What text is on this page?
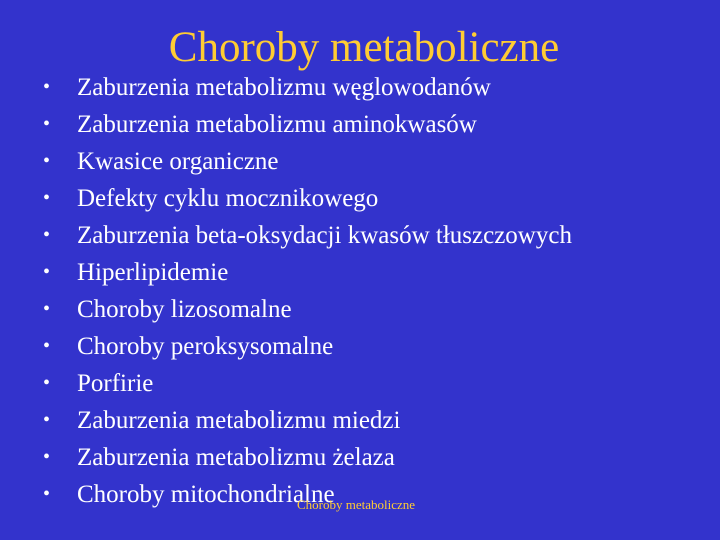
Choroby metaboliczne
• Zaburzenia metabolizmu węglowodanów
• Zaburzenia metabolizmu aminokwasów
• Kwasice organiczne
• Defekty cyklu mocznikowego
• Zaburzenia beta-oksydacji kwasów tłuszczowych
• Hiperlipidemie
• Choroby lizosomalne
• Choroby peroksysomalne
• Porfirie
• Zaburzenia metabolizmu miedzi
• Zaburzenia metabolizmu żelaza
• Choroby mitochondrialne
Choroby metaboliczne
